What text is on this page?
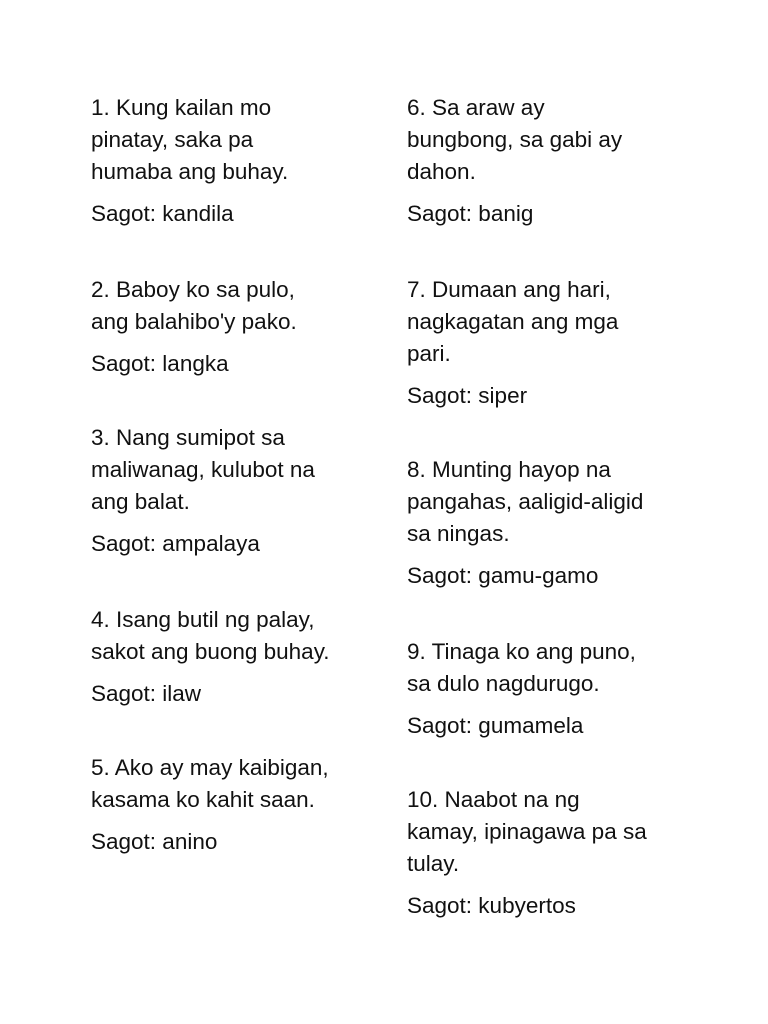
1. Kung kailan mo
pinatay, saka pa
humaba ang buhay.

Sagot: kandila

2. Baboy ko sa pulo,
ang balahibo'y pako.

Sagot: langka

3. Nang sumipot sa
maliwanag, kulubot na
ang balat.

Sagot: ampalaya

4. Isang butil ng palay,
sakot ang buong buhay.

Sagot: ilaw

5. Ako ay may kaibigan,
kasama ko kahit saan.

Sagot: anino

6. Sa araw ay
bungbong, sa gabi ay
dahon.

Sagot: banig

7. Dumaan ang hari,
nagkagatan ang mga
pari.

Sagot: siper

8. Munting hayop na
pangahas, aaligid-aligid
sa ningas.

Sagot: gamu-gamo

9. Tinaga ko ang puno,
sa dulo nagdurugo.

Sagot: gumamela

10. Naabot na ng
kamay, ipinagawa pa sa
tulay.

Sagot: kubyertos
